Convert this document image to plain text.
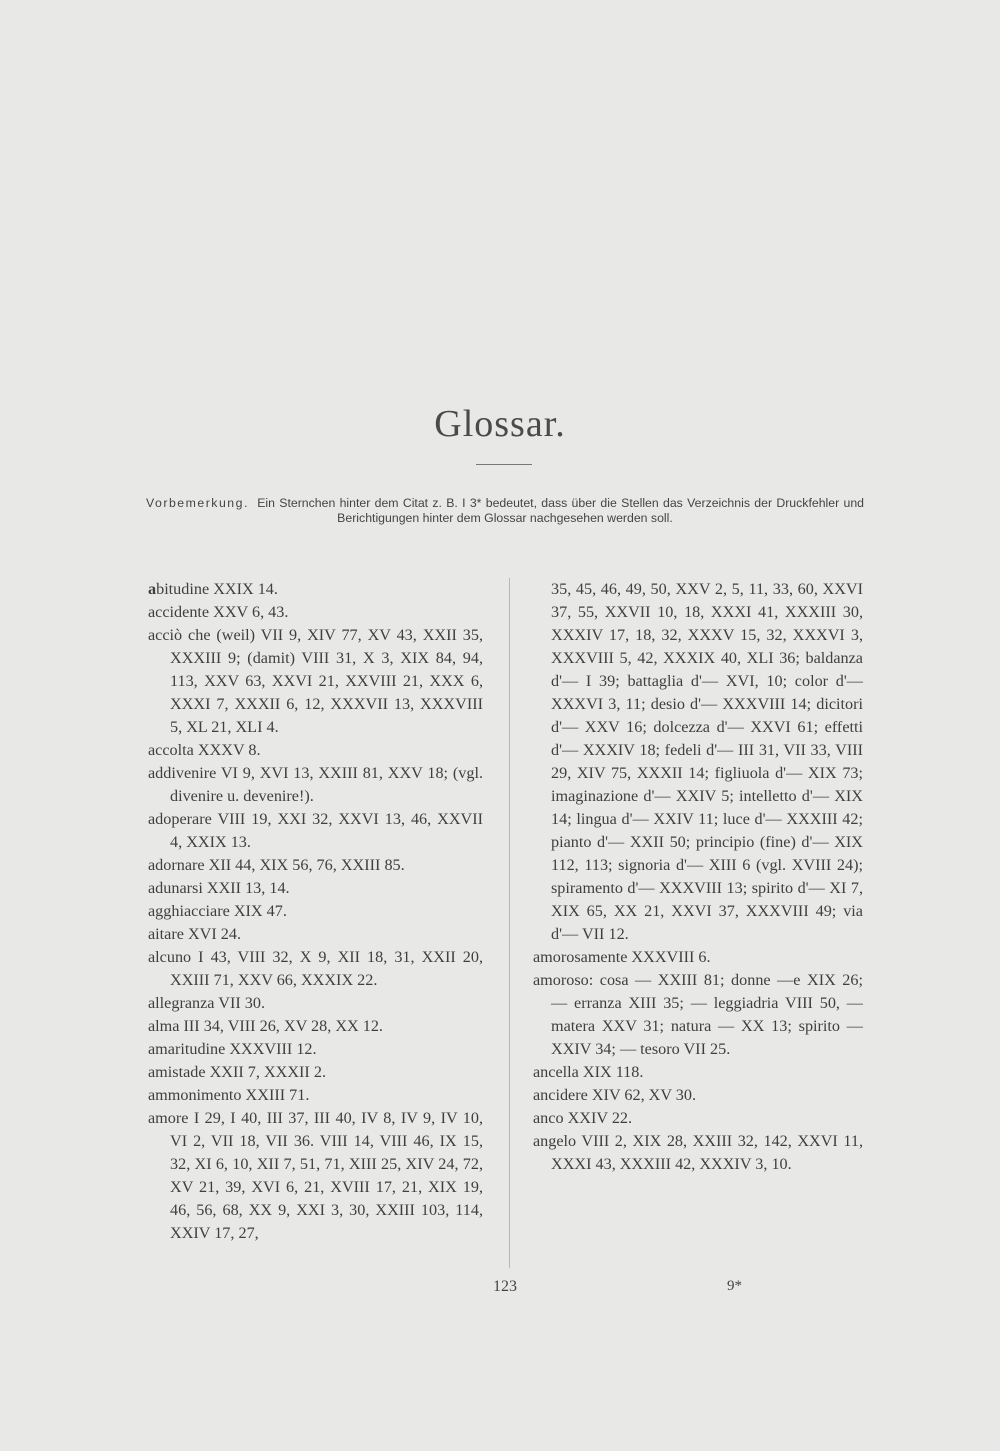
Glossar.
Vorbemerkung. Ein Sternchen hinter dem Citat z. B. I 3* bedeutet, dass über die Stellen das Verzeichnis der Druckfehler und Berichtigungen hinter dem Glossar nachgesehen werden soll.

abitudine XXIX 14.

accidente XXV 6, 43.

acciò che (weil) VII 9, XIV 77, XV 43, XXII 35, XXXIII 9; (damit) VIII 31, X 3, XIX 84, 94, 113, XXV 63, XXVI 21, XXVIII 21, XXX 6, XXXI 7, XXXII 6, 12, XXXVII 13, XXXVIII 5, XL 21, XLI 4.

accolta XXXV 8.

addivenire VI 9, XVI 13, XXIII 81, XXV 18; (vgl. divenire u. devenire!).

adoperare VIII 19, XXI 32, XXVI 13, 46, XXVII 4, XXIX 13.

adornare XII 44, XIX 56, 76, XXIII 85.

adunarsi XXII 13, 14.

agghiacciare XIX 47.

aitare XVI 24.

alcuno I 43, VIII 32, X 9, XII 18, 31, XXII 20, XXIII 71, XXV 66, XXXIX 22.

allegranza VII 30.

alma III 34, VIII 26, XV 28, XX 12.

amaritudine XXXVIII 12.

amistade XXII 7, XXXII 2.

ammonimento XXIII 71.

amore I 29, I 40, III 37, III 40, IV 8, IV 9, IV 10, VI 2, VII 18, VII 36. VIII 14, VIII 46, IX 15, 32, XI 6, 10, XII 7, 51, 71, XIII 25, XIV 24, 72, XV 21, 39, XVI 6, 21, XVIII 17, 21, XIX 19, 46, 56, 68, XX 9, XXI 3, 30, XXIII 103, 114, XXIV 17, 27,

35, 45, 46, 49, 50, XXV 2, 5, 11, 33, 60, XXVI 37, 55, XXVII 10, 18, XXXI 41, XXXIII 30, XXXIV 17, 18, 32, XXXV 15, 32, XXXVI 3, XXXVIII 5, 42, XXXIX 40, XLI 36; baldanza d'— I 39; battaglia d'— XVI, 10; color d'— XXXVI 3, 11; desio d'— XXXVIII 14; dicitori d'— XXV 16; dolcezza d'— XXVI 61; effetti d'— XXXIV 18; fedeli d'— III 31, VII 33, VIII 29, XIV 75, XXXII 14; figliuola d'— XIX 73; imaginazione d'— XXIV 5; intelletto d'— XIX 14; lingua d'— XXIV 11; luce d'— XXXIII 42; pianto d'— XXII 50; principio (fine) d'— XIX 112, 113; signoria d'— XIII 6 (vgl. XVIII 24); spiramento d'— XXXVIII 13; spirito d'— XI 7, XIX 65, XX 21, XXVI 37, XXXVIII 49; via d'— VII 12.

amorosamente XXXVIII 6.

amoroso: cosa — XXIII 81; donne —e XIX 26; — erranza XIII 35; — leggiadria VIII 50, — matera XXV 31; natura — XX 13; spirito — XXIV 34; — tesoro VII 25.

ancella XIX 118.

ancidere XIV 62, XV 30.

anco XXIV 22.

angelo VIII 2, XIX 28, XXIII 32, 142, XXVI 11, XXXI 43, XXXIII 42, XXXIV 3, 10.

123	9*
